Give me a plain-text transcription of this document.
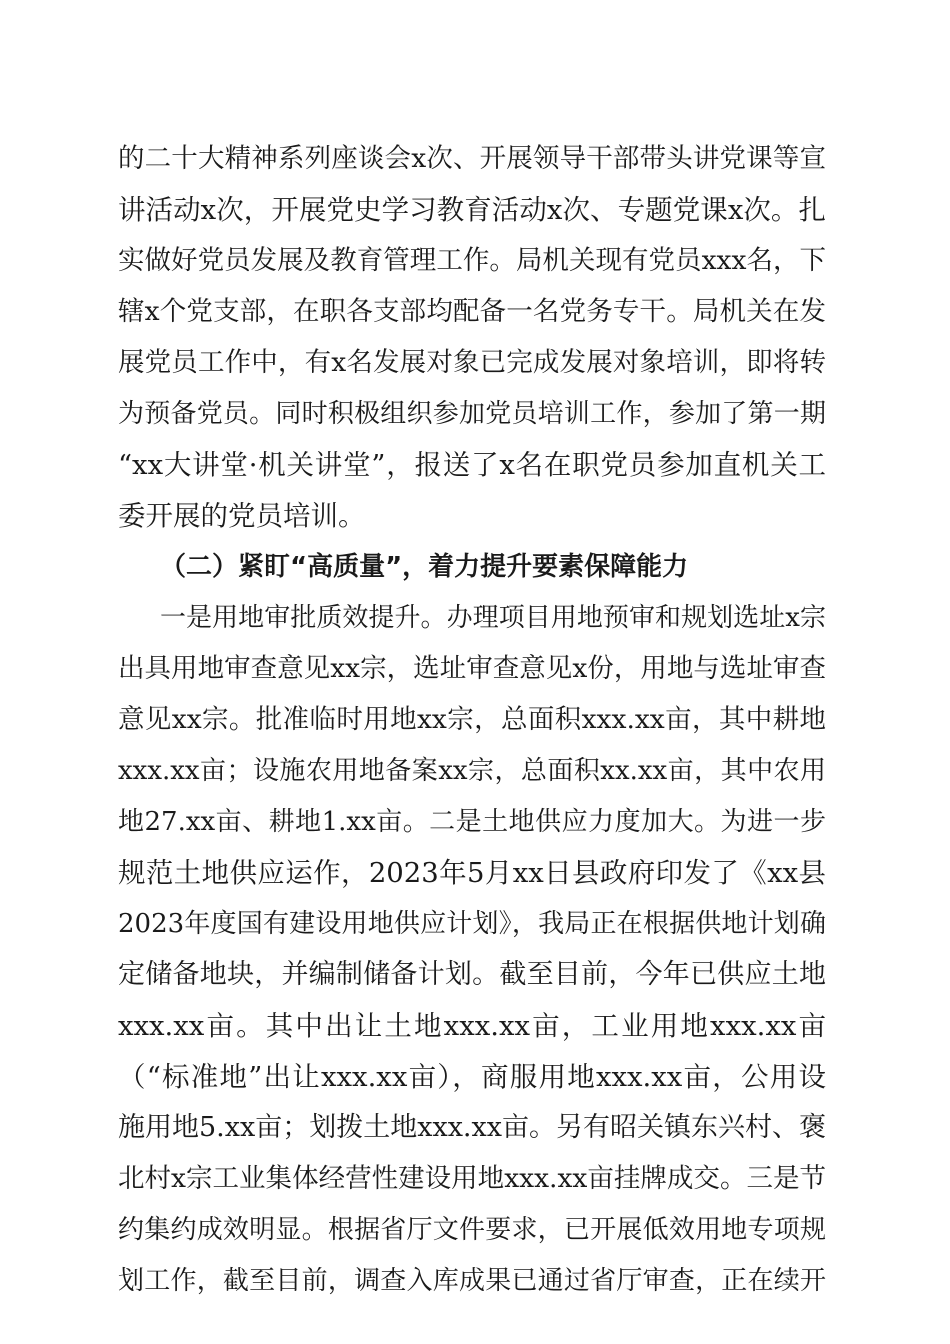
的二十大精神系列座谈会x次、开展领导干部带头讲党课等宣
讲活动x次，开展党史学习教育活动x次、专题党课x次。扎
实做好党员发展及教育管理工作。局机关现有党员xxx名，下
辖x个党支部，在职各支部均配备一名党务专干。局机关在发
展党员工作中，有x名发展对象已完成发展对象培训，即将转
为预备党员。同时积极组织参加党员培训工作，参加了第一期
“xx大讲堂·机关讲堂”，报送了x名在职党员参加直机关工
委开展的党员培训。
（二）紧盯“高质量”，着力提升要素保障能力
一是用地审批质效提升。办理项目用地预审和规划选址x宗
出具用地审查意见xx宗，选址审查意见x份，用地与选址审查
意见xx宗。批准临时用地xx宗，总面积xxx.xx亩，其中耕地
xxx.xx亩；设施农用地备案xx宗，总面积xx.xx亩，其中农用
地27.xx亩、耕地1.xx亩。二是土地供应力度加大。为进一步
规范土地供应运作，2023年5月xx日县政府印发了《xx县
2023年度国有建设用地供应计划》，我局正在根据供地计划确
定储备地块，并编制储备计划。截至目前，今年已供应土地
xxx.xx亩。其中出让土地xxx.xx亩，工业用地xxx.xx亩
（“标准地”出让xxx.xx亩），商服用地xxx.xx亩，公用设
施用地5.xx亩；划拨土地xxx.xx亩。另有昭关镇东兴村、褒
北村x宗工业集体经营性建设用地xxx.xx亩挂牌成交。三是节
约集约成效明显。根据省厅文件要求，已开展低效用地专项规
划工作，截至目前，调查入库成果已通过省厅审查，正在续开
